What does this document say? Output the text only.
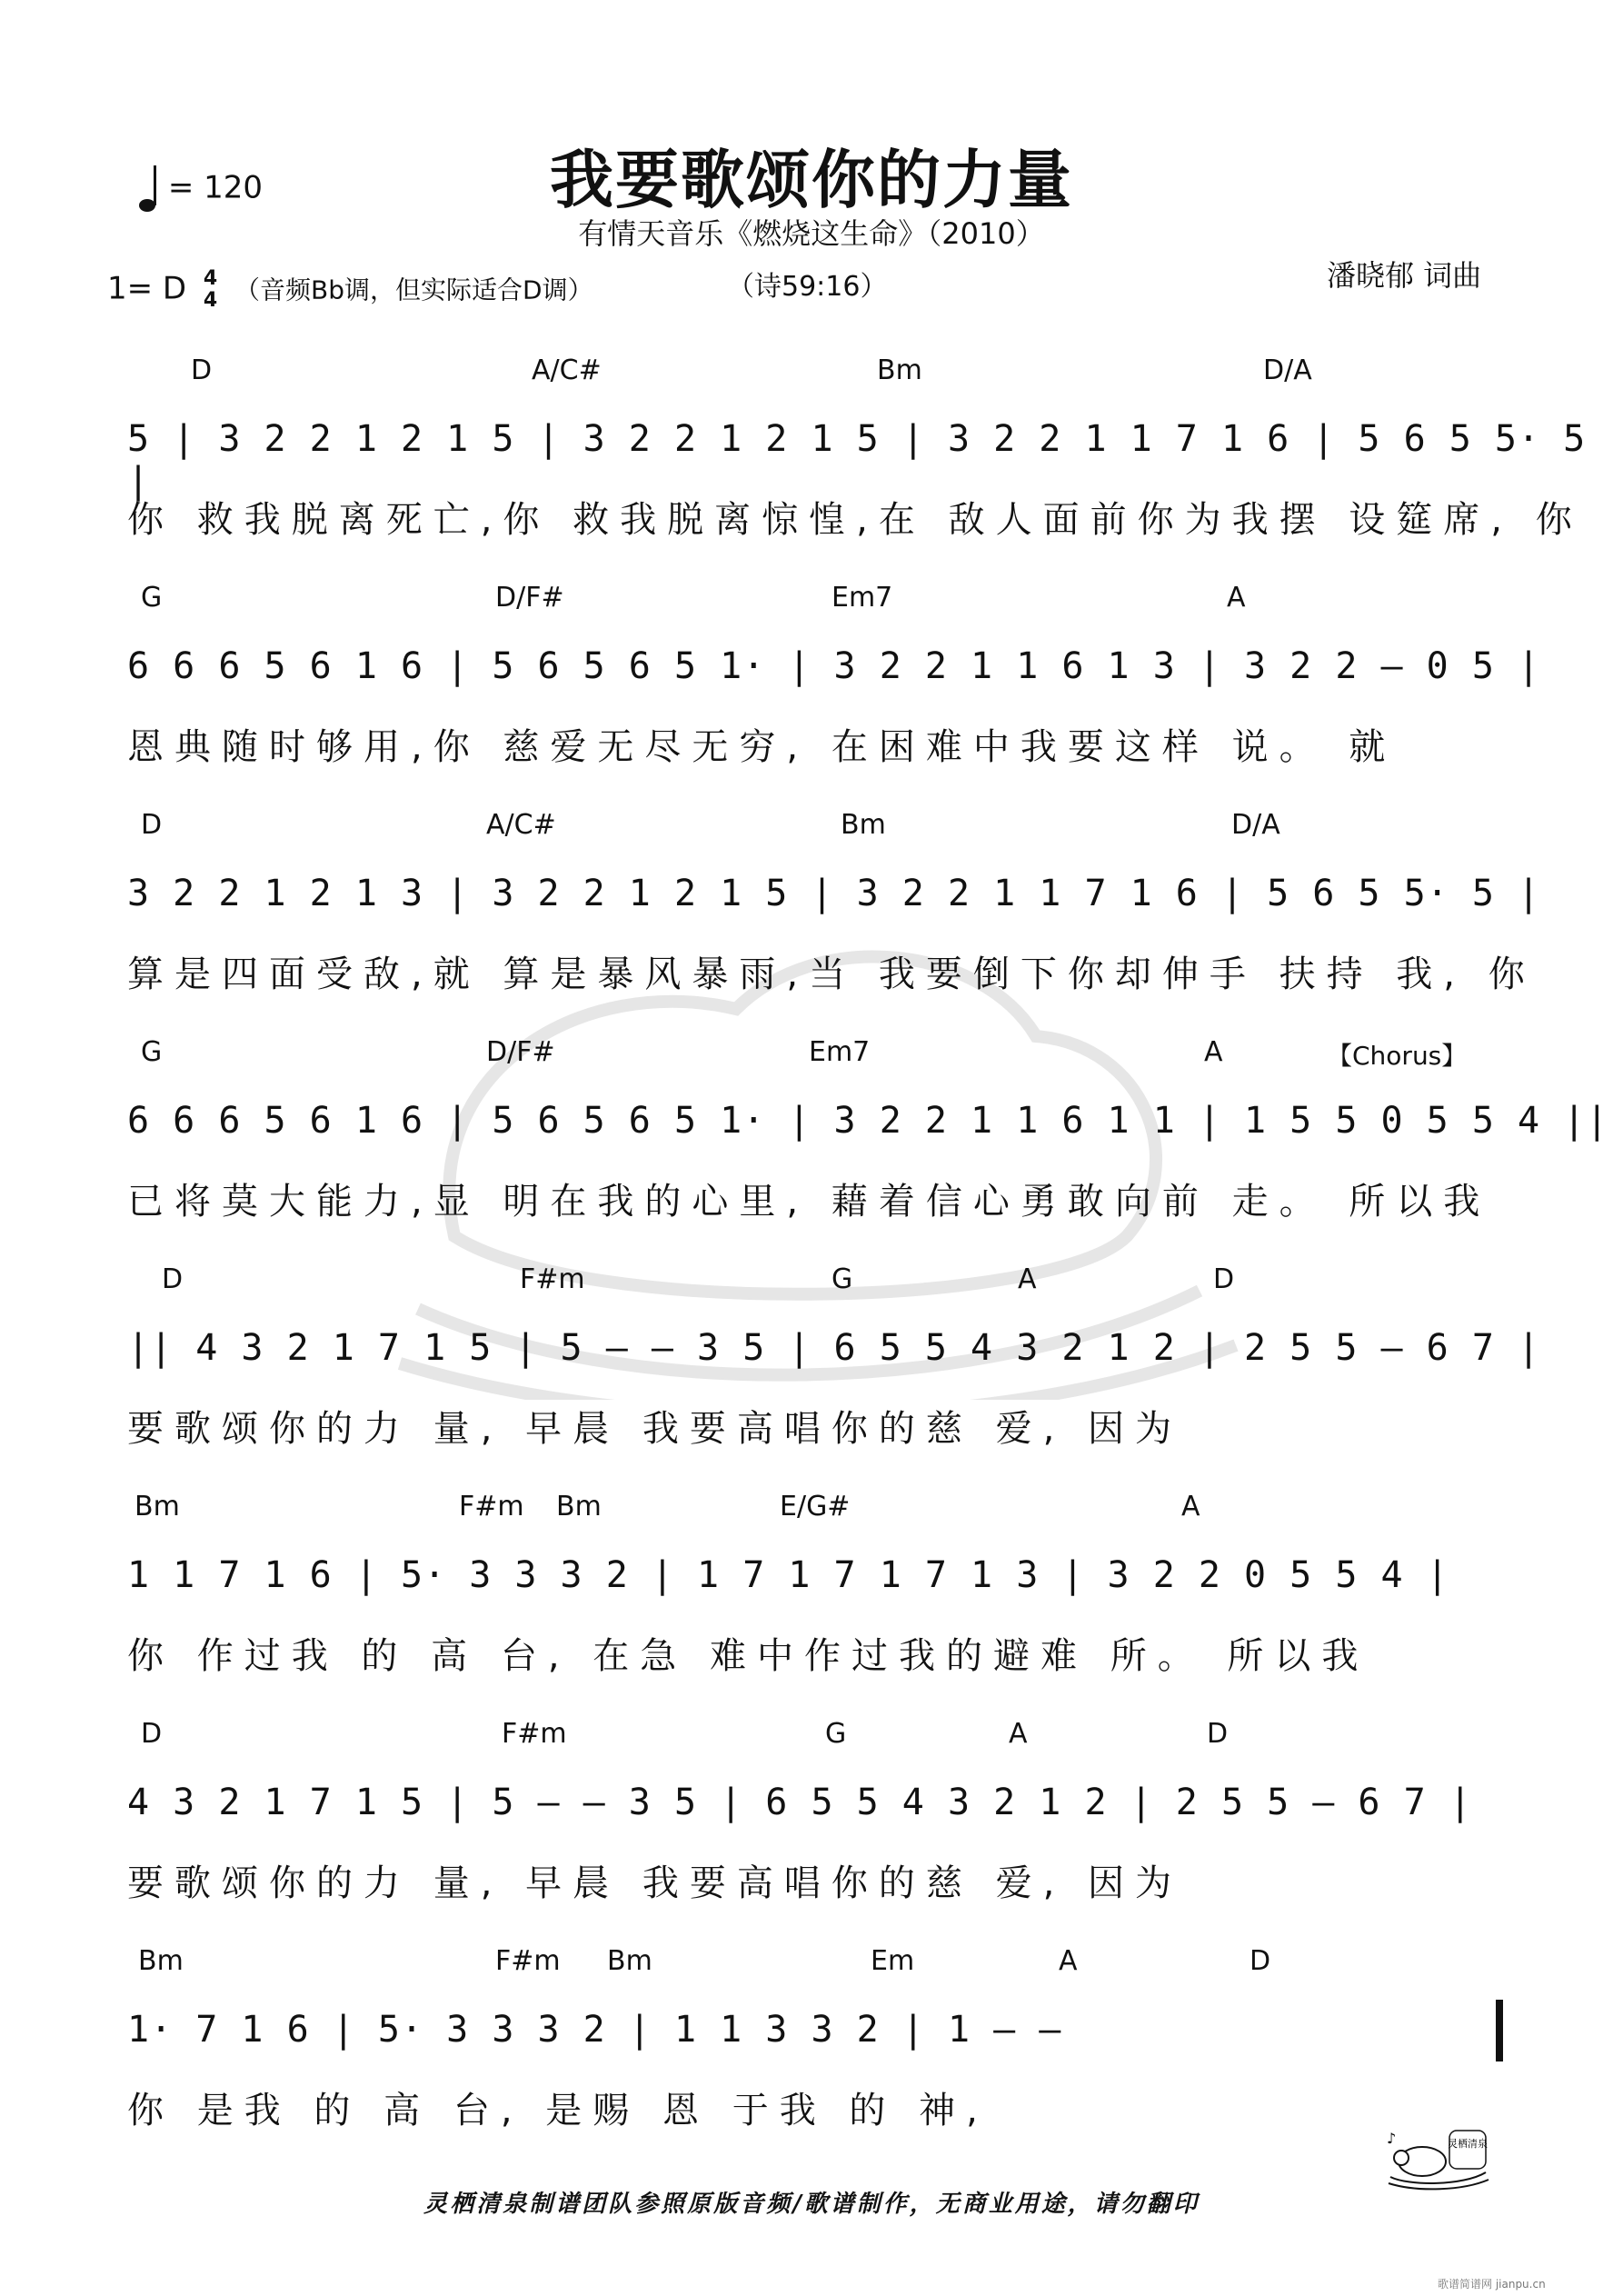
= 120	我要歌颂你的力量
有情天音乐《燃烧这生命》（2010）
1= D 4
4 （音频Bb调，但实际适合D调）	（诗59:16）	潘晓郁 词曲
D	A/C#	Bm	D/A
5 | 3 2 2 1 2 1 5 | 3 2 2 1 2 1 5 | 3 2 2 1 1 7 1 6 | 5 6 5 5· 5 |
你 救我脱离死亡,你 救我脱离惊惶,在 敌人面前你为我摆 设筵席, 你
G	D/F#	Em7	A
6 6 6 5 6 1 6 | 5 6 5 6 5 1· | 3 2 2 1 1 6 1 3 | 3 2 2 – 0 5 |
恩典随时够用,你 慈爱无尽无穷, 在困难中我要这样 说。 就
D	A/C#	Bm	D/A
3 2 2 1 2 1 3 | 3 2 2 1 2 1 5 | 3 2 2 1 1 7 1 6 | 5 6 5 5· 5 |
算是四面受敌,就 算是暴风暴雨,当 我要倒下你却伸手 扶持 我, 你
G	D/F#	Em7	A	【Chorus】
6 6 6 5 6 1 6 | 5 6 5 6 5 1· | 3 2 2 1 1 6 1 1 | 1 5 5 0 5 5 4 ||
已将莫大能力,显 明在我的心里, 藉着信心勇敢向前 走。 所以我
D	F#m	G	A	D
|| 4 3 2 1 7 1 5 | 5 – – 3 5 | 6 5 5 4 3 2 1 2 | 2 5 5 – 6 7 |
要歌颂你的力 量, 早晨 我要高唱你的慈 爱, 因为
Bm	F#m Bm	E/G#	A
1 1 7 1 6 | 5· 3 3 3 2 | 1 7 1 7 1 7 1 3 | 3 2 2 0 5 5 4 |
你 作过我 的 高 台, 在急 难中作过我的避难 所。 所以我
D	F#m	G	A	D
4 3 2 1 7 1 5 | 5 – – 3 5 | 6 5 5 4 3 2 1 2 | 2 5 5 – 6 7 |
要歌颂你的力 量, 早晨 我要高唱你的慈 爱, 因为
Bm	F#m Bm	Em	A	D
1· 7 1 6 | 5· 3 3 3 2 | 1 1 3 3 2 | 1 – –
你 是我 的 高 台, 是赐 恩 于我 的 神,
灵栖清泉制谱团队参照原版音频/歌谱制作，无商业用途，请勿翻印
灵栖清泉
♪
歌谱简谱网 jianpu.cn
